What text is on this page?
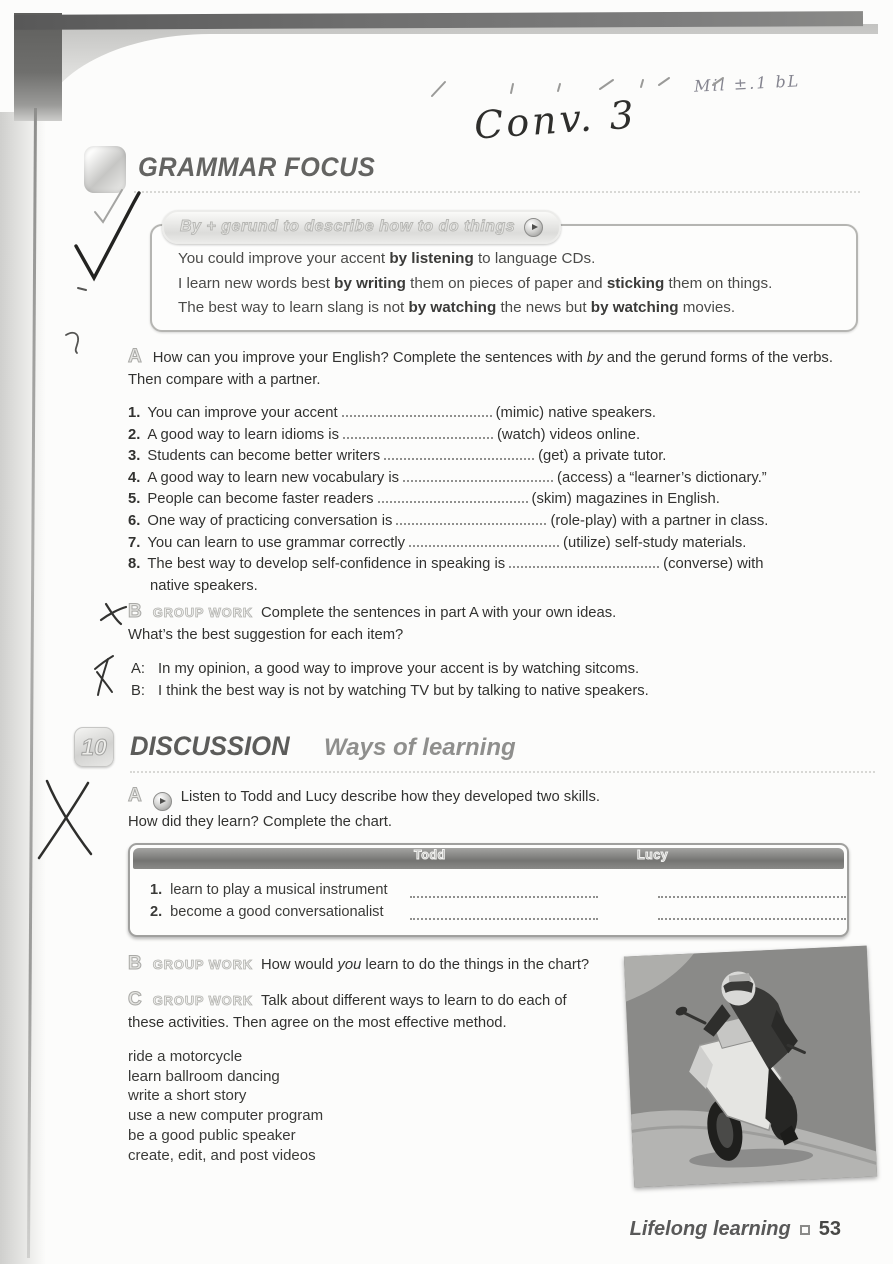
Conv. 3
Mil ±.1 bL
GRAMMAR FOCUS
By + gerund to describe how to do things
You could improve your accent by listening to language CDs.
I learn new words best by writing them on pieces of paper and sticking them on things.
The best way to learn slang is not by watching the news but by watching movies.
A How can you improve your English? Complete the sentences with by and the gerund forms of the verbs. Then compare with a partner.
1. You can improve your accent	(mimic) native speakers.
2. A good way to learn idioms is	(watch) videos online.
3. Students can become better writers	(get) a private tutor.
4. A good way to learn new vocabulary is	(access) a “learner’s dictionary.”
5. People can become faster readers	(skim) magazines in English.
6. One way of practicing conversation is	(role-play) with a partner in class.
7. You can learn to use grammar correctly	(utilize) self-study materials.
8. The best way to develop self-confidence in speaking is	(converse) with
native speakers.
B GROUP WORK Complete the sentences in part A with your own ideas.
What’s the best suggestion for each item?
A: In my opinion, a good way to improve your accent is by watching sitcoms.
B: I think the best way is not by watching TV but by talking to native speakers.
10 DISCUSSION Ways of learning
A	Listen to Todd and Lucy describe how they developed two skills.
How did they learn? Complete the chart.
Todd	Lucy
1. learn to play a musical instrument
2. become a good conversationalist
B GROUP WORK How would you learn to do the things in the chart?
C GROUP WORK Talk about different ways to learn to do each of
these activities. Then agree on the most effective method.
ride a motorcycle
learn ballroom dancing
write a short story
use a new computer program
be a good public speaker
create, edit, and post videos
Lifelong learning 53
